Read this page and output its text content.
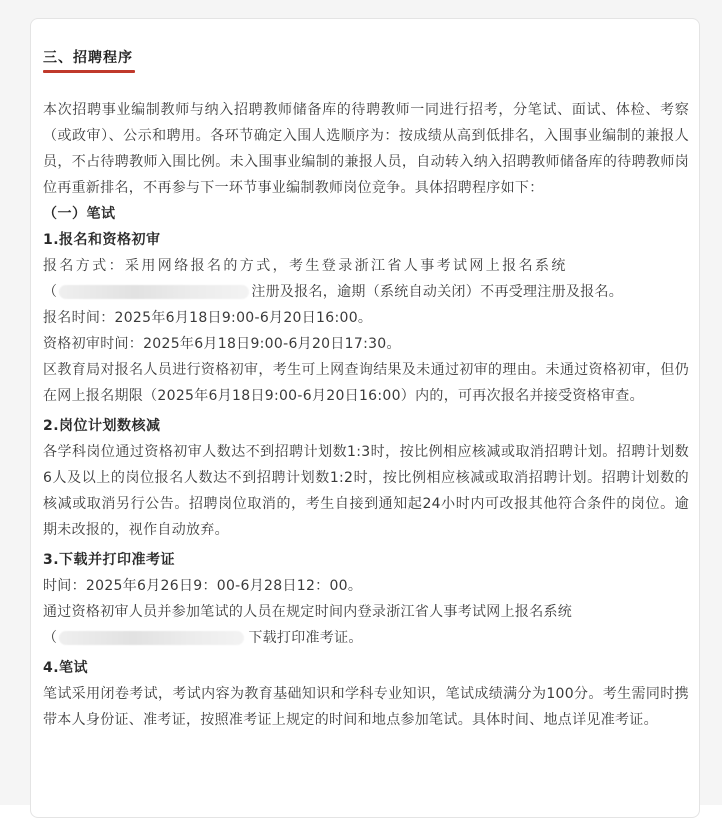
三、招聘程序

本次招聘事业编制教师与纳入招聘教师储备库的待聘教师一同进行招考，分笔试、面试、体检、考察（或政审）、公示和聘用。各环节确定入围人选顺序为：按成绩从高到低排名，入围事业编制的兼报人员，不占待聘教师入围比例。未入围事业编制的兼报人员，自动转入纳入招聘教师储备库的待聘教师岗位再重新排名，不再参与下一环节事业编制教师岗位竞争。具体招聘程序如下：

（一）笔试

1.报名和资格初审

报名方式：采用网络报名的方式，考生登录浙江省人事考试网上报名系统

（	注册及报名，逾期（系统自动关闭）不再受理注册及报名。

报名时间：2025年6月18日9:00-6月20日16:00。

资格初审时间：2025年6月18日9:00-6月20日17:30。

区教育局对报名人员进行资格初审，考生可上网查询结果及未通过初审的理由。未通过资格初审，但仍在网上报名期限（2025年6月18日9:00-6月20日16:00）内的，可再次报名并接受资格审查。

2.岗位计划数核减

各学科岗位通过资格初审人数达不到招聘计划数1:3时，按比例相应核减或取消招聘计划。招聘计划数6人及以上的岗位报名人数达不到招聘计划数1:2时，按比例相应核减或取消招聘计划。招聘计划数的核减或取消另行公告。招聘岗位取消的，考生自接到通知起24小时内可改报其他符合条件的岗位。逾期未改报的，视作自动放弃。

3.下载并打印准考证

时间：2025年6月26日9：00-6月28日12：00。

通过资格初审人员并参加笔试的人员在规定时间内登录浙江省人事考试网上报名系统

（	下载打印准考证。

4.笔试

笔试采用闭卷考试，考试内容为教育基础知识和学科专业知识，笔试成绩满分为100分。考生需同时携带本人身份证、准考证，按照准考证上规定的时间和地点参加笔试。具体时间、地点详见准考证。
